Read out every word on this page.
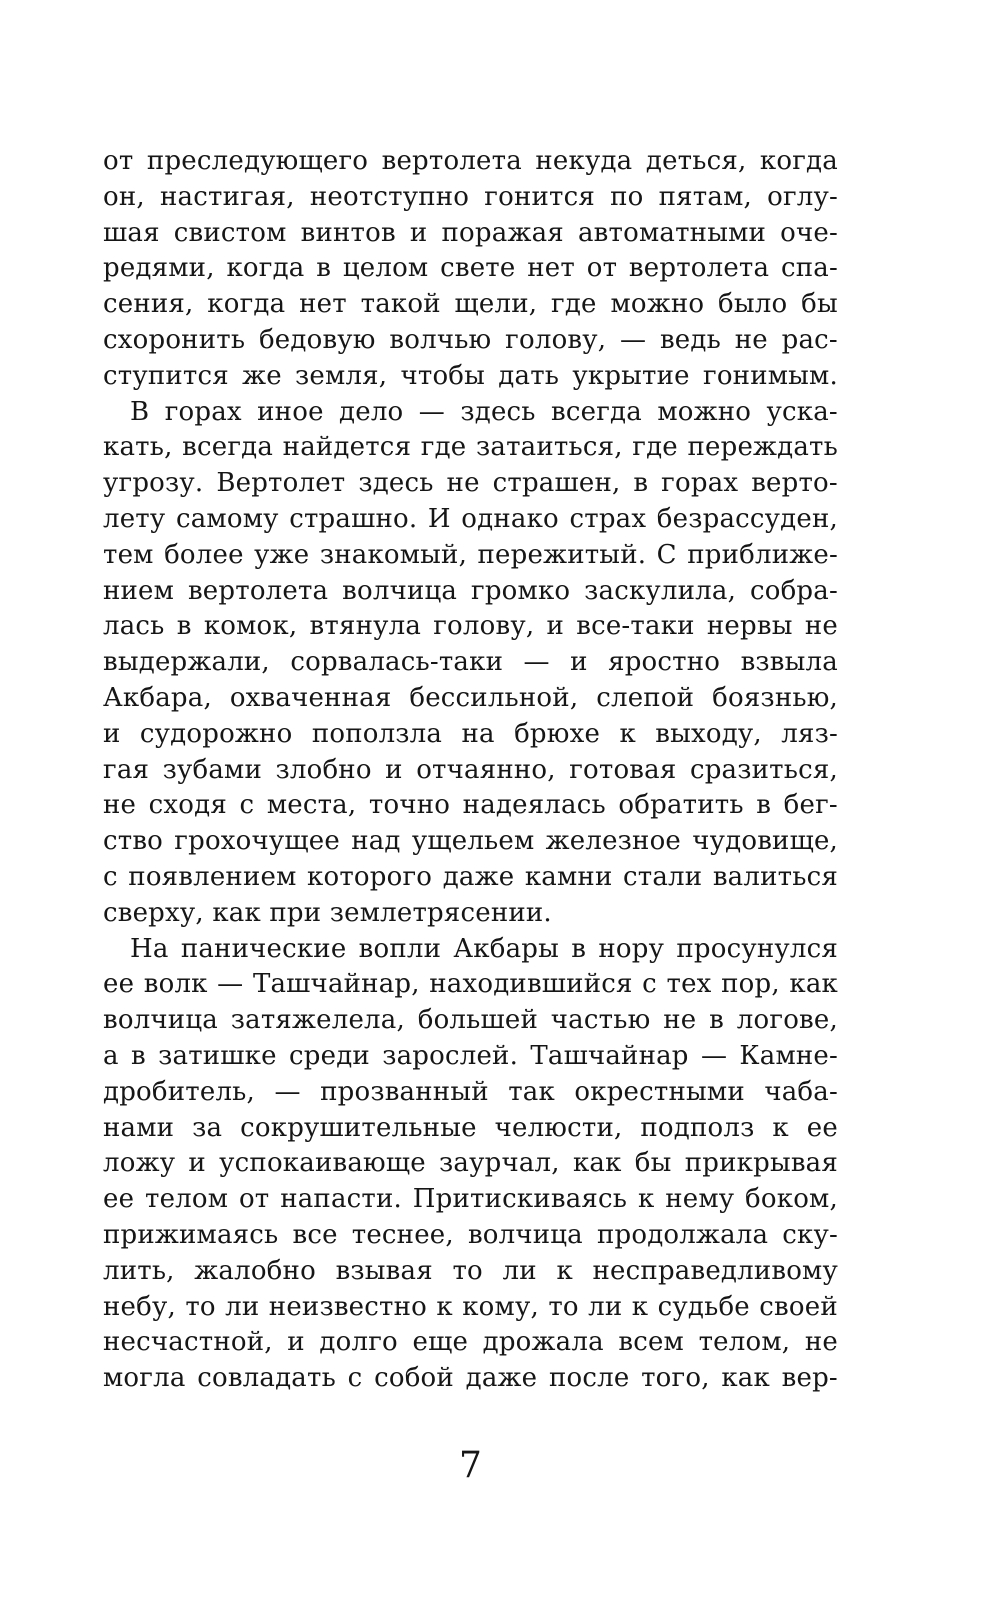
от преследующего вертолета некуда деться, когда
он, настигая, неотступно гонится по пятам, оглу-
шая свистом винтов и поражая автоматными оче-
редями, когда в целом свете нет от вертолета спа-
сения, когда нет такой щели, где можно было бы
схоронить бедовую волчью голову, — ведь не рас-
ступится же земля, чтобы дать укрытие гонимым.
В горах иное дело — здесь всегда можно уска-
кать, всегда найдется где затаиться, где переждать
угрозу. Вертолет здесь не страшен, в горах верто-
лету самому страшно. И однако страх безрассуден,
тем более уже знакомый, пережитый. С приближе-
нием вертолета волчица громко заскулила, собра-
лась в комок, втянула голову, и все-таки нервы не
выдержали, сорвалась-таки — и яростно взвыла
Акбара, охваченная бессильной, слепой боязнью,
и судорожно поползла на брюхе к выходу, ляз-
гая зубами злобно и отчаянно, готовая сразиться,
не сходя с места, точно надеялась обратить в бег-
ство грохочущее над ущельем железное чудовище,
с появлением которого даже камни стали валиться
сверху, как при землетрясении.
На панические вопли Акбары в нору просунулся
ее волк — Ташчайнар, находившийся с тех пор, как
волчица затяжелела, большей частью не в логове,
а в затишке среди зарослей. Ташчайнар — Камне-
дробитель, — прозванный так окрестными чаба-
нами за сокрушительные челюсти, подполз к ее
ложу и успокаивающе заурчал, как бы прикрывая
ее телом от напасти. Притискиваясь к нему боком,
прижимаясь все теснее, волчица продолжала ску-
лить, жалобно взывая то ли к несправедливому
небу, то ли неизвестно к кому, то ли к судьбе своей
несчастной, и долго еще дрожала всем телом, не
могла совладать с собой даже после того, как вер-
7
